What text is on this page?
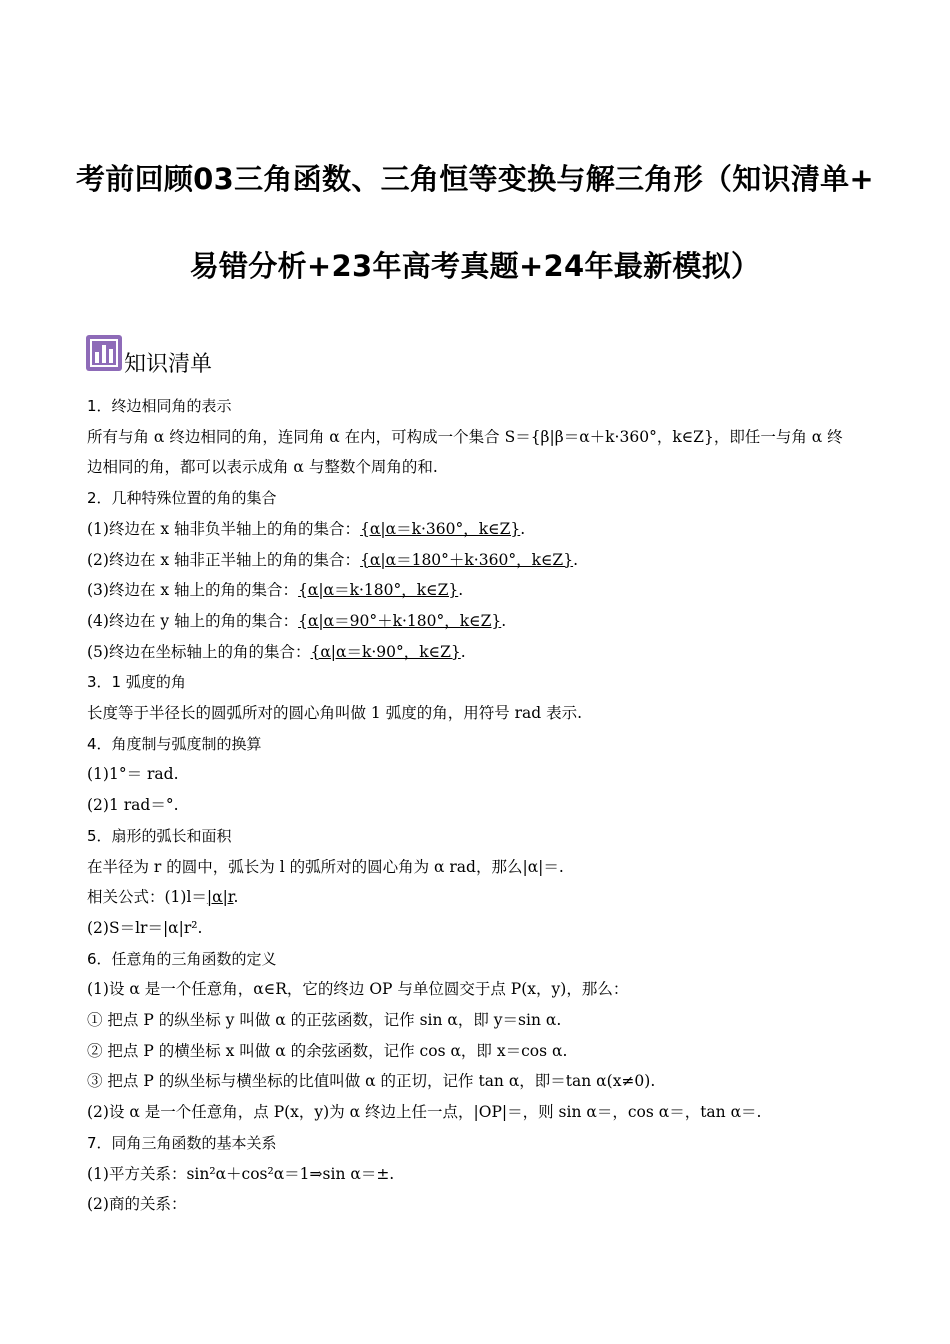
考前回顾03三角函数、三角恒等变换与解三角形（知识清单+
易错分析+23年高考真题+24年最新模拟）
知识清单
1．终边相同角的表示
所有与角 α 终边相同的角，连同角 α 在内，可构成一个集合 S＝{β|β＝α＋k·360°，k∈Z}，即任一与角 α 终
边相同的角，都可以表示成角 α 与整数个周角的和.
2．几种特殊位置的角的集合
(1)终边在 x 轴非负半轴上的角的集合：{α|α＝k·360°，k∈Z}.
(2)终边在 x 轴非正半轴上的角的集合：{α|α＝180°＋k·360°，k∈Z}.
(3)终边在 x 轴上的角的集合：{α|α＝k·180°，k∈Z}.
(4)终边在 y 轴上的角的集合：{α|α＝90°＋k·180°，k∈Z}.
(5)终边在坐标轴上的角的集合：{α|α＝k·90°，k∈Z}.
3．1 弧度的角
长度等于半径长的圆弧所对的圆心角叫做 1 弧度的角，用符号 rad 表示.
4．角度制与弧度制的换算
(1)1°＝ rad.
(2)1 rad＝°.
5．扇形的弧长和面积
在半径为 r 的圆中，弧长为 l 的弧所对的圆心角为 α rad，那么|α|＝.
相关公式：(1)l＝|α|r.
(2)S＝lr＝|α|r².
6．任意角的三角函数的定义
(1)设 α 是一个任意角，α∈R，它的终边 OP 与单位圆交于点 P(x，y)，那么：
① 把点 P 的纵坐标 y 叫做 α 的正弦函数，记作 sin α，即 y＝sin α.
② 把点 P 的横坐标 x 叫做 α 的余弦函数，记作 cos α，即 x＝cos α.
③ 把点 P 的纵坐标与横坐标的比值叫做 α 的正切，记作 tan α，即＝tan α(x≠0).
(2)设 α 是一个任意角，点 P(x，y)为 α 终边上任一点，|OP|＝，则 sin α＝，cos α＝，tan α＝.
7．同角三角函数的基本关系
(1)平方关系：sin²α＋cos²α＝1⇒sin α＝±.
(2)商的关系：
